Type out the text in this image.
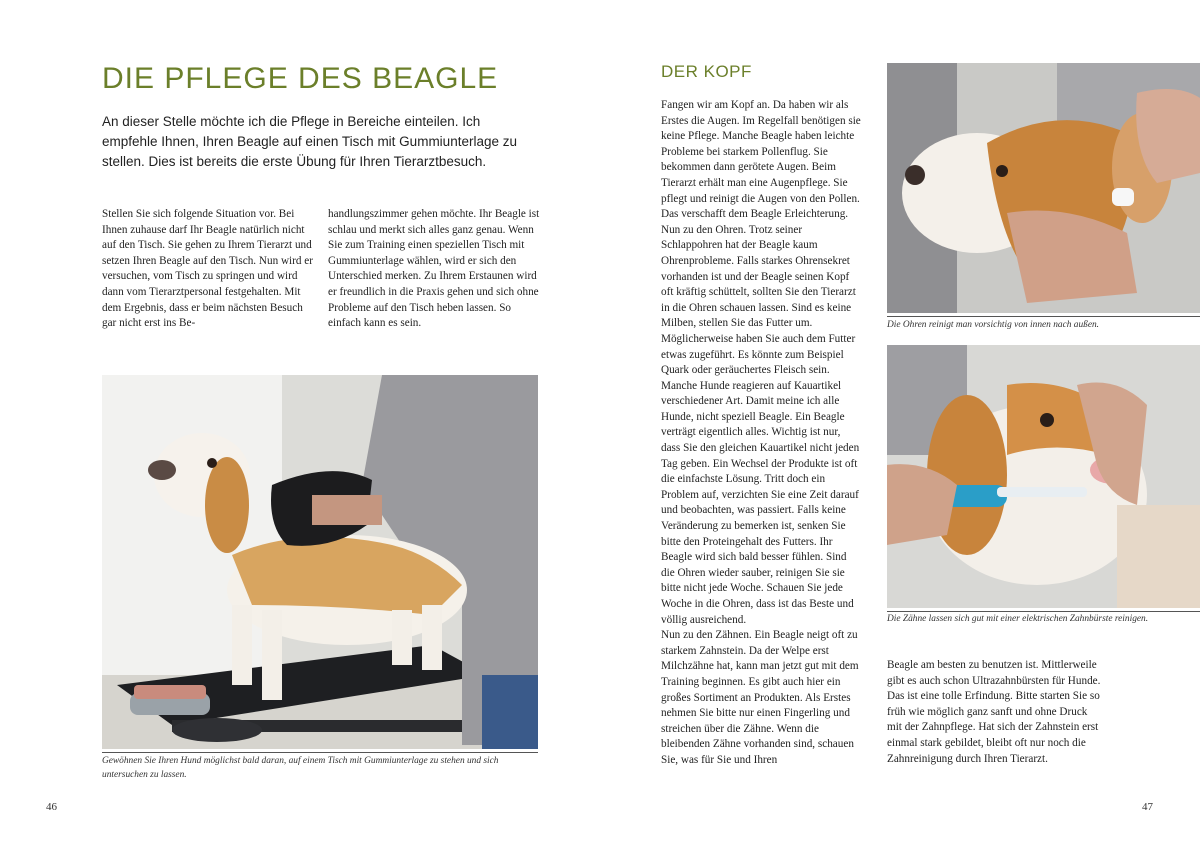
DIE PFLEGE DES BEAGLE

An dieser Stelle möchte ich die Pflege in Bereiche einteilen. Ich empfehle Ihnen, Ihren Beagle auf einen Tisch mit Gummiunterlage zu stellen. Dies ist bereits die erste Übung für Ihren Tierarztbesuch.

Stellen Sie sich folgende Situation vor. Bei Ihnen zuhause darf Ihr Beagle natürlich nicht auf den Tisch. Sie gehen zu Ihrem Tierarzt und setzen Ihren Beagle auf den Tisch. Nun wird er versuchen, vom Tisch zu springen und wird dann vom Tierarztpersonal festgehalten. Mit dem Ergebnis, dass er beim nächsten Besuch gar nicht erst ins Be-

handlungszimmer gehen möchte. Ihr Beagle ist schlau und merkt sich alles ganz genau. Wenn Sie zum Training einen speziellen Tisch mit Gummiunterlage wählen, wird er sich den Unterschied merken. Zu Ihrem Erstaunen wird er freundlich in die Praxis gehen und sich ohne Probleme auf den Tisch heben lassen. So einfach kann es sein.

Gewöhnen Sie Ihren Hund möglichst bald daran, auf einem Tisch mit Gummiunterlage zu stehen und sich untersuchen zu lassen.

46
DER KOPF

Fangen wir am Kopf an. Da haben wir als Erstes die Augen. Im Regelfall benötigen sie keine Pflege. Manche Beagle haben leichte Probleme bei starkem Pollenflug. Sie bekommen dann gerötete Augen. Beim Tierarzt erhält man eine Augenpflege. Sie pflegt und reinigt die Augen von den Pollen. Das verschafft dem Beagle Erleichterung.
Nun zu den Ohren. Trotz seiner Schlappohren hat der Beagle kaum Ohrenprobleme. Falls starkes Ohrensekret vorhanden ist und der Beagle seinen Kopf oft kräftig schüttelt, sollten Sie den Tierarzt in die Ohren schauen lassen. Sind es keine Milben, stellen Sie das Futter um. Möglicherweise haben Sie auch dem Futter etwas zugeführt. Es könnte zum Beispiel Quark oder geräuchertes Fleisch sein. Manche Hunde reagieren auf Kauartikel verschiedener Art. Damit meine ich alle Hunde, nicht speziell Beagle. Ein Beagle verträgt eigentlich alles. Wichtig ist nur, dass Sie den gleichen Kauartikel nicht jeden Tag geben. Ein Wechsel der Produkte ist oft die einfachste Lösung. Tritt doch ein Problem auf, verzichten Sie eine Zeit darauf und beobachten, was passiert. Falls keine Veränderung zu bemerken ist, senken Sie bitte den Proteingehalt des Futters. Ihr Beagle wird sich bald besser fühlen. Sind die Ohren wieder sauber, reinigen Sie sie bitte nicht jede Woche. Schauen Sie jede Woche in die Ohren, dass ist das Beste und völlig ausreichend.
Nun zu den Zähnen. Ein Beagle neigt oft zu starkem Zahnstein. Da der Welpe erst Milchzähne hat, kann man jetzt gut mit dem Training beginnen. Es gibt auch hier ein großes Sortiment an Produkten. Als Erstes nehmen Sie bitte nur einen Fingerling und streichen über die Zähne. Wenn die bleibenden Zähne vorhanden sind, schauen Sie, was für Sie und Ihren

Die Ohren reinigt man vorsichtig von innen nach außen.

Die Zähne lassen sich gut mit einer elektrischen Zahnbürste reinigen.

Beagle am besten zu benutzen ist. Mittlerweile gibt es auch schon Ultrazahnbürsten für Hunde. Das ist eine tolle Erfindung. Bitte starten Sie so früh wie möglich ganz sanft und ohne Druck mit der Zahnpflege. Hat sich der Zahnstein erst einmal stark gebildet, bleibt oft nur noch die Zahnreinigung durch Ihren Tierarzt.

47
